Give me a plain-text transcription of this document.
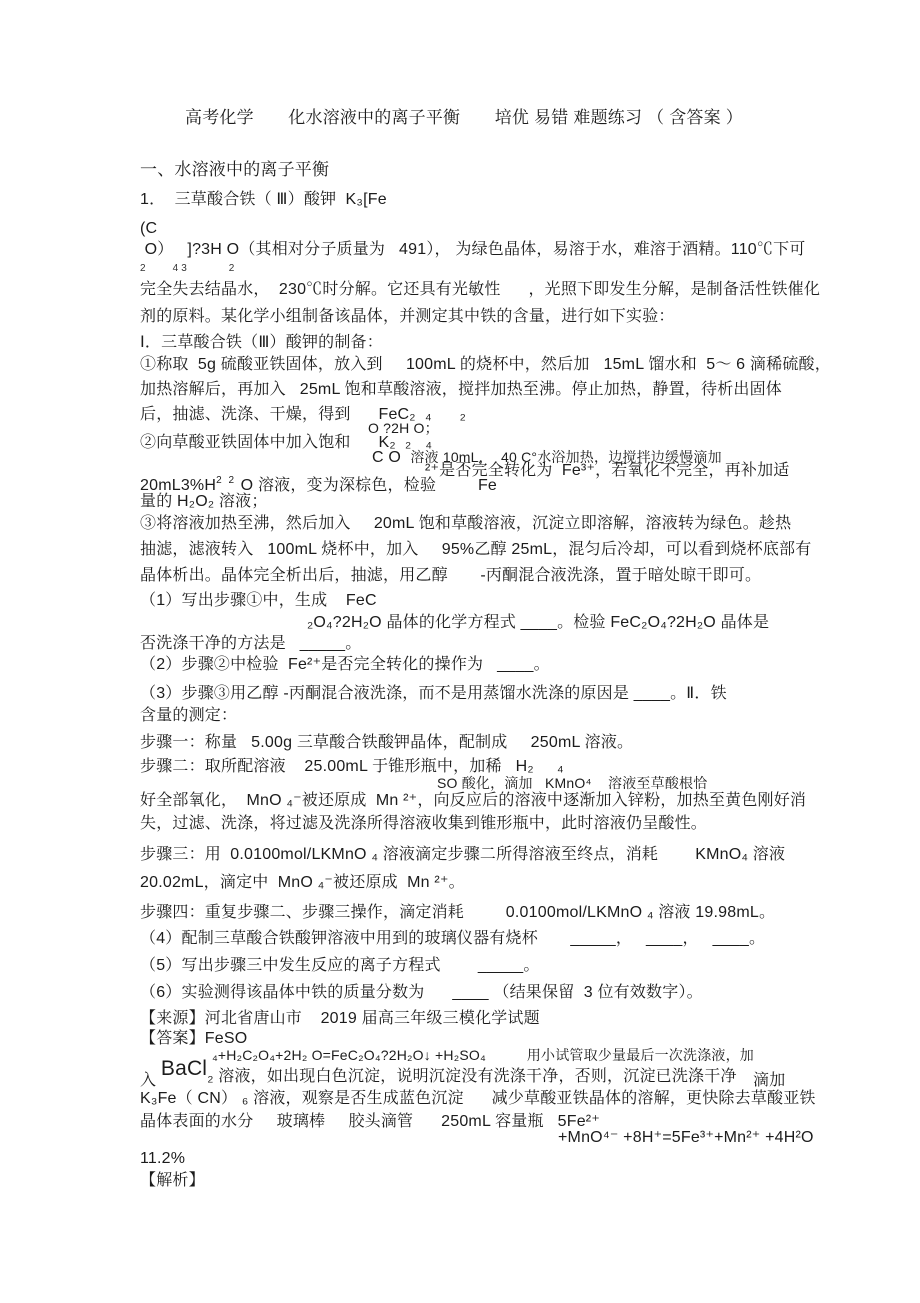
高考化学       化水溶液中的离子平衡       培优 易错 难题练习 （ 含答案 ）
一、水溶液中的离子平衡
1．  三草酸合铁（ Ⅲ）酸钾  K₃[Fe
(C
O）   ]?3H O（其相对分子质量为   491）， 为绿色晶体，易溶于水，难溶于酒精。110℃下可
2         4 3              2
完全失去结晶水，  230℃时分解。它还具有光敏性      ，光照下即发生分解，是制备活性铁催化
剂的原料。某化学小组制备该晶体，并测定其中铁的含量，进行如下实验：
Ⅰ．三草酸合铁（Ⅲ）酸钾的制备：
①称取  5g 硫酸亚铁固体，放入到     100mL 的烧杯中，然后加   15mL 馏水和  5～ 6 滴稀硫酸，
加热溶解后，再加入   25mL 饱和草酸溶液，搅拌加热至沸。停止加热，静置，待析出固体
后，抽滤、洗涤、干燥，得到      FeC₂  ₄      ₂
O ?2H O；
②向草酸亚铁固体中加入饱和      K₂  ₂   ₄
C O  溶液 10mL，  40 C°水浴加热，边搅拌边缓慢滴加
²⁺是否完全转化为  Fe³⁺，若氧化不完全，再补加适
$20mL3\%H^{2 2}$ O 溶液，变为深棕色，检验         Fe
量的 H₂O₂ 溶液；
③将溶液加热至沸，然后加入     20mL 饱和草酸溶液，沉淀立即溶解，溶液转为绿色。趁热
抽滤，滤液转入   100mL 烧杯中，加入     95%乙醇 25mL，混匀后冷却，可以看到烧杯底部有
晶体析出。晶体完全析出后，抽滤，用乙醇       -丙酮混合液洗涤，置于暗处晾干即可。
（1）写出步骤①中，生成    FeC
₂O₄?2H₂O 晶体的化学方程式 ____。检验 FeC₂O₄?2H₂O 晶体是
否洗涤干净的方法是   _____。
（2）步骤②中检验  Fe²⁺是否完全转化的操作为   ____。
（3）步骤③用乙醇 -丙酮混合液洗涤，而不是用蒸馏水洗涤的原因是 ____。Ⅱ．铁
含量的测定：
步骤一：称量   5.00g 三草酸合铁酸钾晶体，配制成     250mL 溶液。
步骤二：取所配溶液    25.00mL 于锥形瓶中，加稀   H₂     ₄
SO 酸化，滴加   KMnO⁴    溶液至草酸根恰
好全部氧化，  MnO ₄⁻被还原成  Mn ²⁺，向反应后的溶液中逐渐加入锌粉，加热至黄色刚好消
失，过滤、洗涤，将过滤及洗涤所得溶液收集到锥形瓶中，此时溶液仍呈酸性。
步骤三：用  0.0100mol/LKMnO ₄ 溶液滴定步骤二所得溶液至终点，消耗        KMnO₄ 溶液
20.02mL，滴定中  MnO ₄⁻被还原成  Mn ²⁺。
步骤四：重复步骤二、步骤三操作，滴定消耗         0.0100mol/LKMnO ₄ 溶液 19.98mL。
（4）配制三草酸合铁酸钾溶液中用到的玻璃仪器有烧杯       _____，   ____，   ____。
（5）写出步骤三中发生反应的离子方程式        _____。
（6）实验测得该晶体中铁的质量分数为      ____ （结果保留  3 位有效数字）。
【来源】河北省唐山市    2019 届高三年级三模化学试题
【答案】FeSO
₄+H₂C₂O₄+2H₂ O=FeC₂O₄?2H₂O↓ +H₂SO₄          用小试管取少量最后一次洗涤液，加
入 BaCl₂ 溶液，如出现白色沉淀，说明沉淀没有洗涤干净，否则，沉淀已洗涤干净 滴加
K₃Fe（ CN） ₆ 溶液，观察是否生成蓝色沉淀      减少草酸亚铁晶体的溶解，更快除去草酸亚铁
晶体表面的水分     玻璃棒     胶头滴管      250mL 容量瓶   5Fe²⁺
+MnO⁴⁻ +8H⁺=5Fe³⁺+Mn²⁺ +4H²O
11.2%
【解析】
